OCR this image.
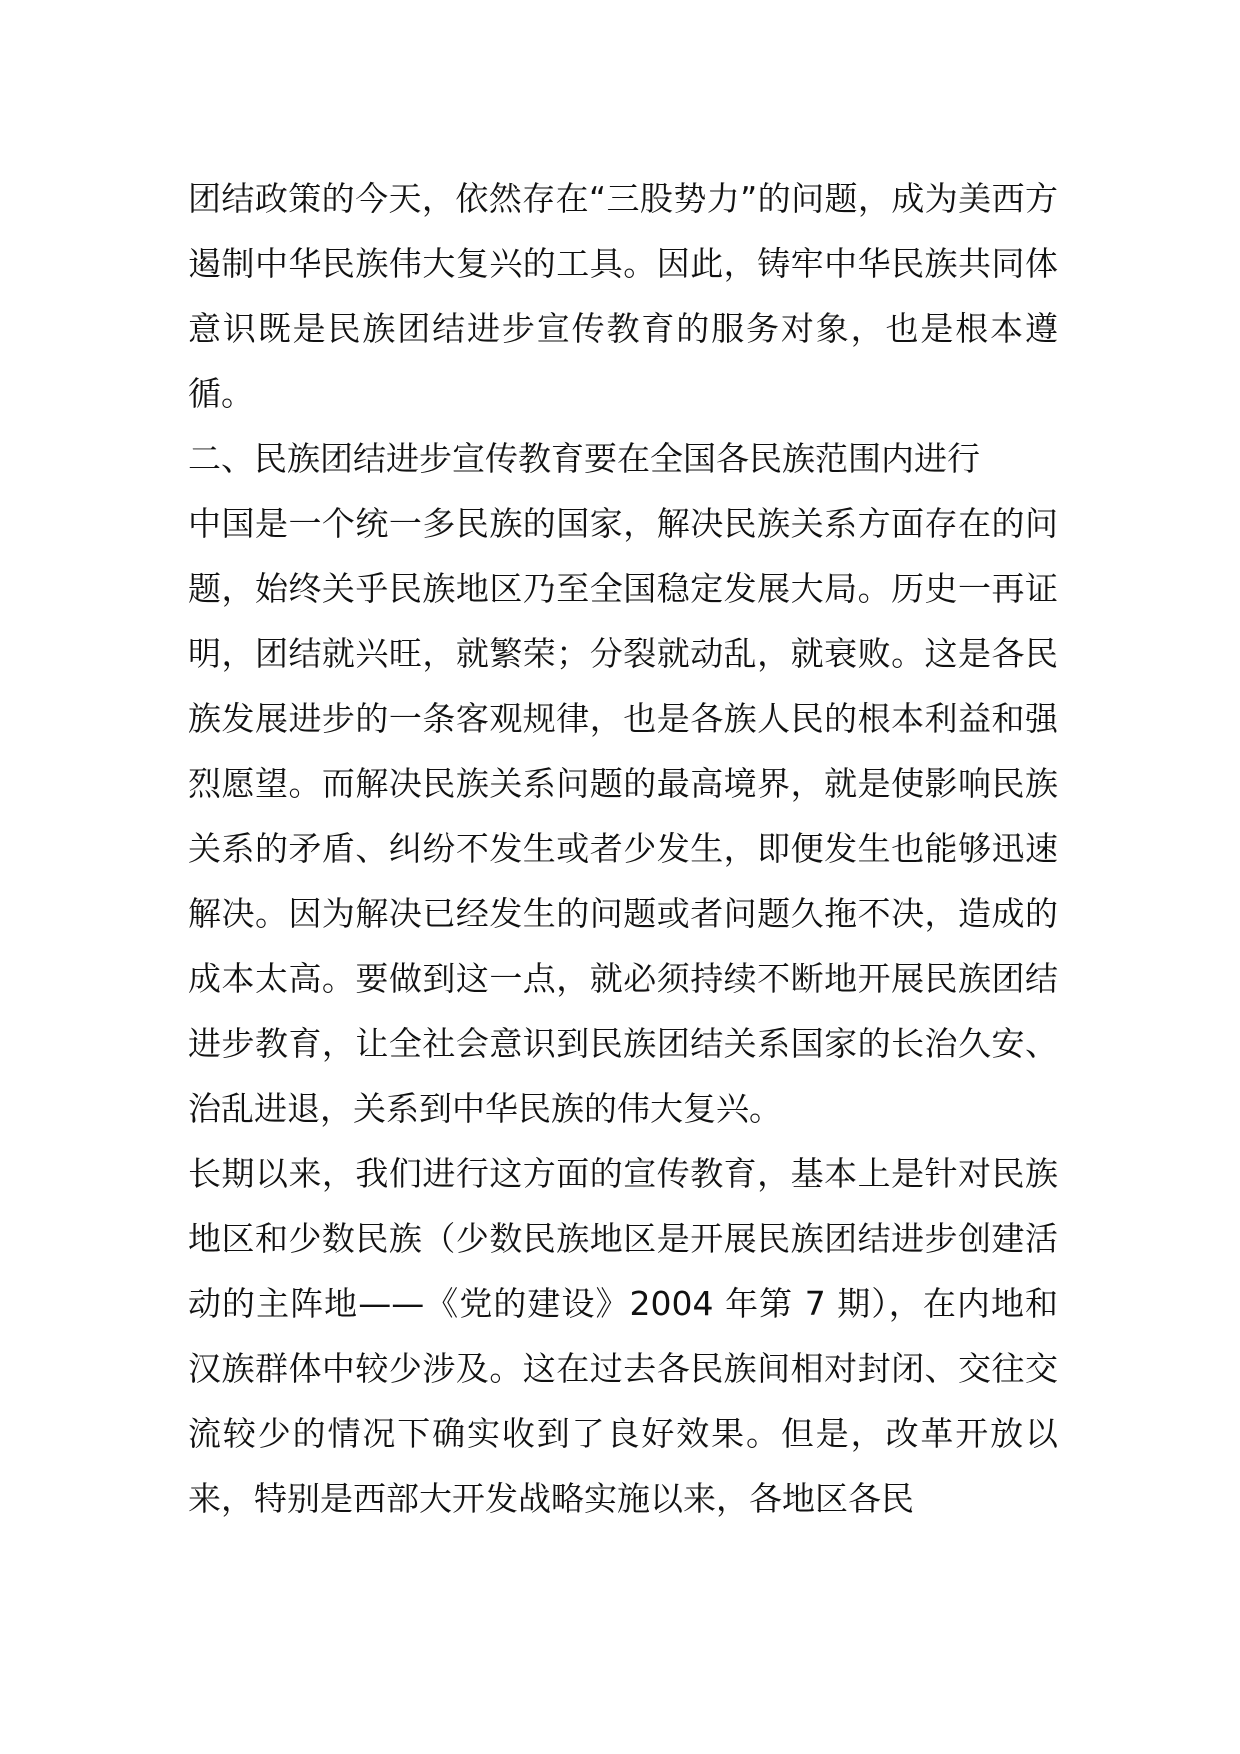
团结政策的今天，依然存在“三股势力”的问题，成为美西方遏制中华民族伟大复兴的工具。因此，铸牢中华民族共同体意识既是民族团结进步宣传教育的服务对象，也是根本遵循。

二、民族团结进步宣传教育要在全国各民族范围内进行

中国是一个统一多民族的国家，解决民族关系方面存在的问题，始终关乎民族地区乃至全国稳定发展大局。历史一再证明，团结就兴旺，就繁荣；分裂就动乱，就衰败。这是各民族发展进步的一条客观规律，也是各族人民的根本利益和强烈愿望。而解决民族关系问题的最高境界，就是使影响民族关系的矛盾、纠纷不发生或者少发生，即便发生也能够迅速解决。因为解决已经发生的问题或者问题久拖不决，造成的成本太高。要做到这一点，就必须持续不断地开展民族团结进步教育，让全社会意识到民族团结关系国家的长治久安、治乱进退，关系到中华民族的伟大复兴。

长期以来，我们进行这方面的宣传教育，基本上是针对民族地区和少数民族（少数民族地区是开展民族团结进步创建活动的主阵地——《党的建设》2004 年第 7 期），在内地和汉族群体中较少涉及。这在过去各民族间相对封闭、交往交流较少的情况下确实收到了良好效果。但是，改革开放以来，特别是西部大开发战略实施以来，各地区各民
